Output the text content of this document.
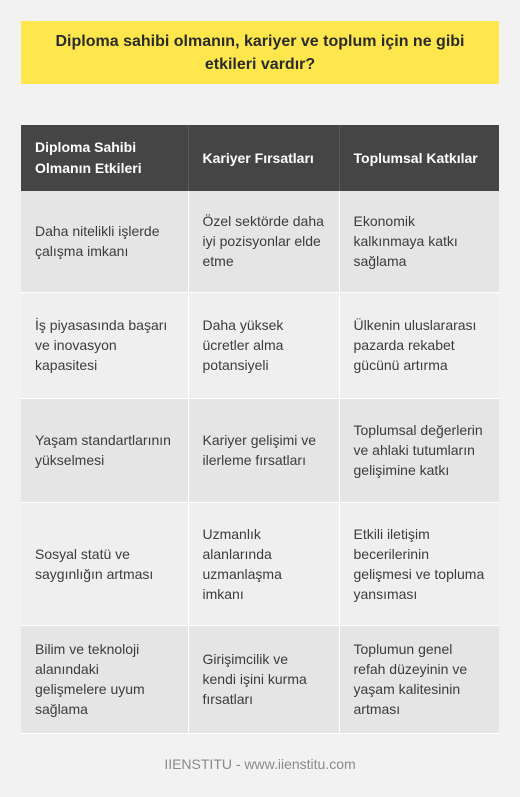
Diploma sahibi olmanın, kariyer ve toplum için ne gibi etkileri vardır?
Diploma Sahibi Olmanın Etkileri	Kariyer Fırsatları	Toplumsal Katkılar
Daha nitelikli işlerde çalışma imkanı	Özel sektörde daha iyi pozisyonlar elde etme	Ekonomik kalkınmaya katkı sağlama
İş piyasasında başarı ve inovasyon kapasitesi	Daha yüksek ücretler alma potansiyeli	Ülkenin uluslararası pazarda rekabet gücünü artırma
Yaşam standartlarının yükselmesi	Kariyer gelişimi ve ilerleme fırsatları	Toplumsal değerlerin ve ahlaki tutumların gelişimine katkı
Sosyal statü ve saygınlığın artması	Uzmanlık alanlarında uzmanlaşma imkanı	Etkili iletişim becerilerinin gelişmesi ve topluma yansıması
Bilim ve teknoloji alanındaki gelişmelere uyum sağlama	Girişimcilik ve kendi işini kurma fırsatları	Toplumun genel refah düzeyinin ve yaşam kalitesinin artması
IIENSTITU - www.iienstitu.com
